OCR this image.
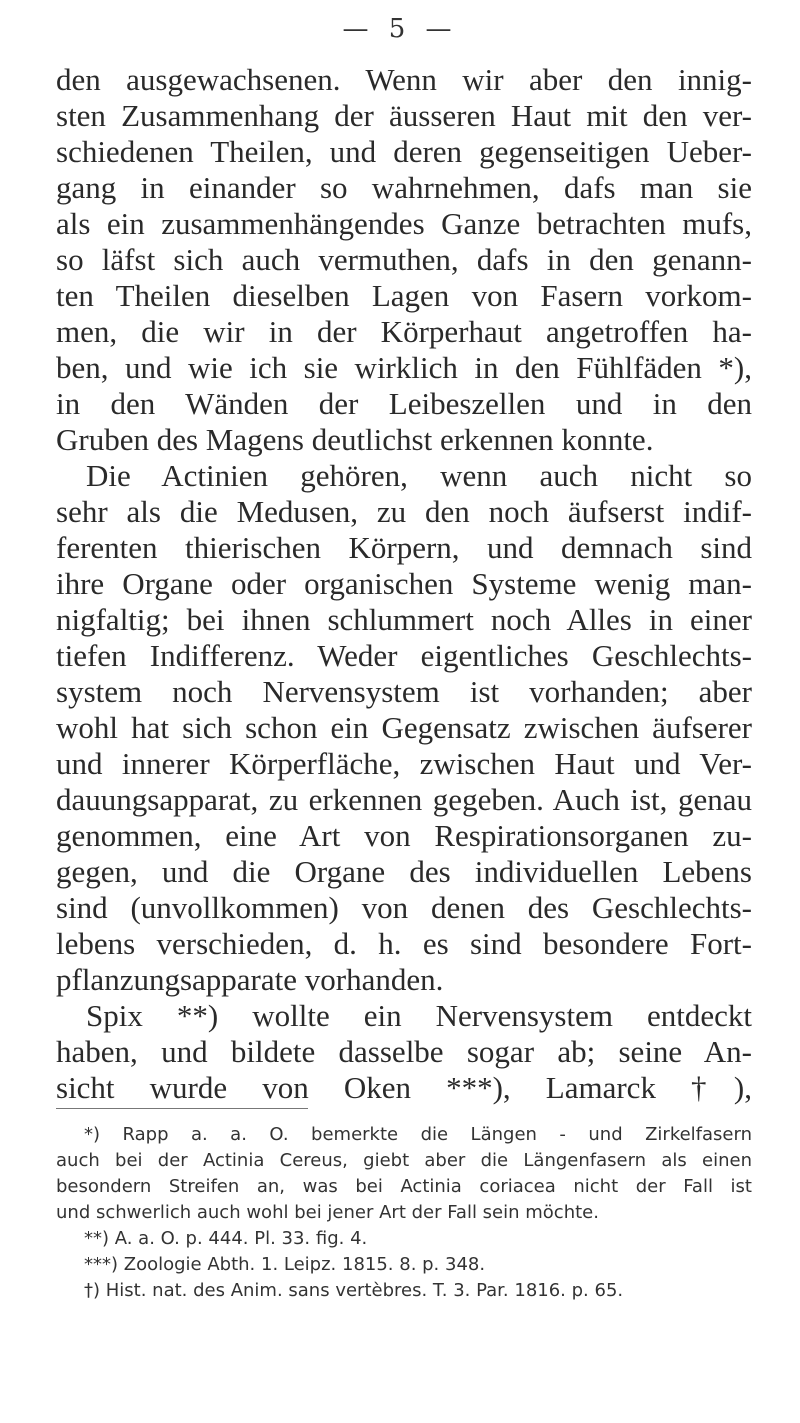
— 5 —
den ausgewachsenen. Wenn wir aber den innig-
sten Zusammenhang der äusseren Haut mit den ver-
schiedenen Theilen, und deren gegenseitigen Ueber-
gang in einander so wahrnehmen, dafs man sie
als ein zusammenhängendes Ganze betrachten mufs,
so läfst sich auch vermuthen, dafs in den genann-
ten Theilen dieselben Lagen von Fasern vorkom-
men, die wir in der Körperhaut angetroffen ha-
ben, und wie ich sie wirklich in den Fühlfäden *),
in den Wänden der Leibeszellen und in den
Gruben des Magens deutlichst erkennen konnte.
Die Actinien gehören, wenn auch nicht so
sehr als die Medusen, zu den noch äufserst indif-
ferenten thierischen Körpern, und demnach sind
ihre Organe oder organischen Systeme wenig man-
nigfaltig; bei ihnen schlummert noch Alles in einer
tiefen Indifferenz. Weder eigentliches Geschlechts-
system noch Nervensystem ist vorhanden; aber
wohl hat sich schon ein Gegensatz zwischen äufserer
und innerer Körperfläche, zwischen Haut und Ver-
dauungsapparat, zu erkennen gegeben. Auch ist, genau
genommen, eine Art von Respirationsorganen zu-
gegen, und die Organe des individuellen Lebens
sind (unvollkommen) von denen des Geschlechts-
lebens verschieden, d. h. es sind besondere Fort-
pflanzungsapparate vorhanden.
Spix **) wollte ein Nervensystem entdeckt
haben, und bildete dasselbe sogar ab; seine An-
sicht wurde von Oken ***), Lamarck †),
*) Rapp a. a. O. bemerkte die Längen - und Zirkelfasern
auch bei der Actinia Cereus, giebt aber die Längenfasern als einen
besondern Streifen an, was bei Actinia coriacea nicht der Fall ist
und schwerlich auch wohl bei jener Art der Fall sein möchte.
**) A. a. O. p. 444. Pl. 33. fig. 4.
***) Zoologie Abth. 1. Leipz. 1815. 8. p. 348.
†) Hist. nat. des Anim. sans vertèbres. T. 3. Par. 1816. p. 65.
